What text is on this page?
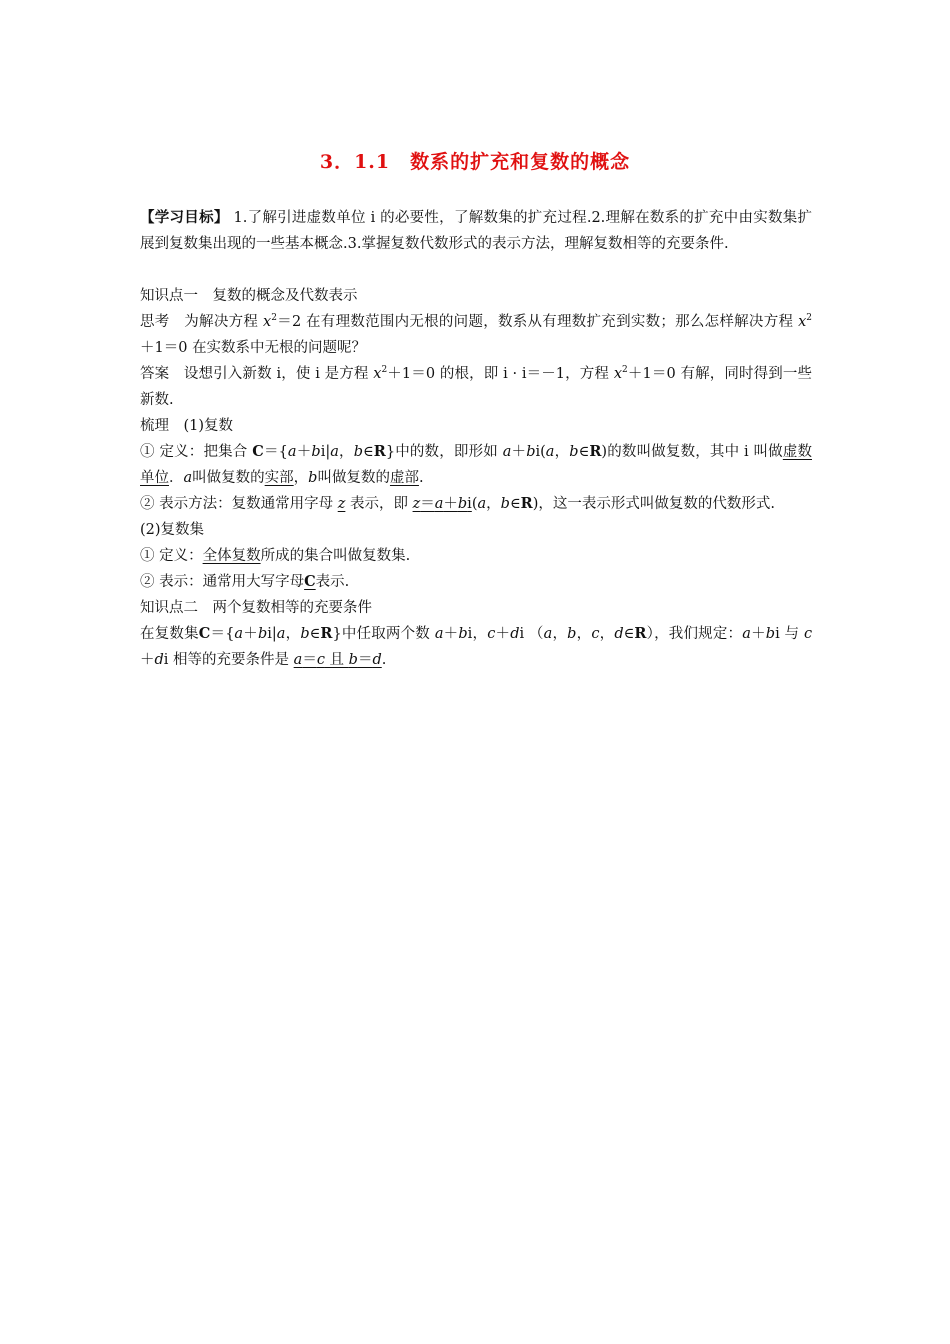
3．1.1　数系的扩充和复数的概念

【学习目标】 1.了解引进虚数单位 i 的必要性，了解数集的扩充过程.2.理解在数系的扩充中由实数集扩展到复数集出现的一些基本概念.3.掌握复数代数形式的表示方法，理解复数相等的充要条件.

知识点一　复数的概念及代数表示

思考　 为解决方程 $x^2=2$ 在有理数范围内无根的问题，数系从有理数扩充到实数；那么怎样解决方程 $x^2+1=0$ 在实数系中无根的问题呢？

答案　 设想引入新数 i，使 i 是方程 $x^2+1=0$ 的根，即 i · i＝－1，方程 $x^2+1=0$ 有解，同时得到一些新数.

梳理　 (1)复数

① 定义：把集合 C＝{a＋bi|a，b∈R}中的数，即形如 a＋bi(a，b∈R)的数叫做复数，其中 i 叫做虚数单位．a叫做复数的实部，b叫做复数的虚部.

② 表示方法：复数通常用字母 z 表示，即 z＝a＋bi(a，b∈R)，这一表示形式叫做复数的代数形式.

(2)复数集

① 定义：全体复数所成的集合叫做复数集.

② 表示：通常用大写字母C表示.

知识点二　两个复数相等的充要条件

在复数集C＝{a＋bi|a，b∈R}中任取两个数 a＋bi，c＋di （a，b，c，d∈R），我们规定：a＋bi 与 c＋di 相等的充要条件是 a＝c 且 b＝d.
